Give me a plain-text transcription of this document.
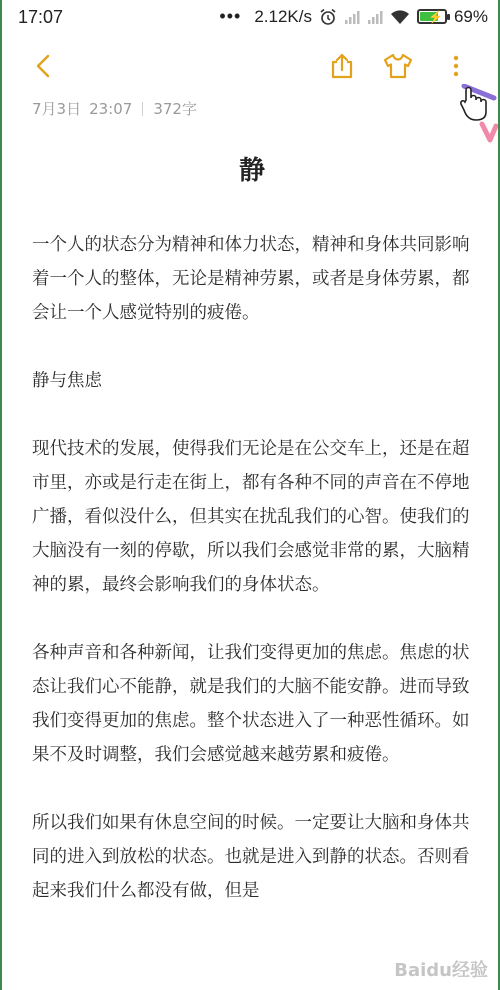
17:07	••• 2.12K/s	⚡ 69%
7月3日 23:07 372字
静

一个人的状态分为精神和体力状态，精神和身体共同影响着一个人的整体，无论是精神劳累，或者是身体劳累，都会让一个人感觉特别的疲倦。

静与焦虑

现代技术的发展，使得我们无论是在公交车上，还是在超市里，亦或是行走在街上，都有各种不同的声音在不停地广播，看似没什么，但其实在扰乱我们的心智。使我们的大脑没有一刻的停歇，所以我们会感觉非常的累，大脑精神的累，最终会影响我们的身体状态。

各种声音和各种新闻，让我们变得更加的焦虑。焦虑的状态让我们心不能静，就是我们的大脑不能安静。进而导致我们变得更加的焦虑。整个状态进入了一种恶性循环。如果不及时调整，我们会感觉越来越劳累和疲倦。

所以我们如果有休息空间的时候。一定要让大脑和身体共同的进入到放松的状态。也就是进入到静的状态。否则看起来我们什么都没有做，但是

Baidu经验
